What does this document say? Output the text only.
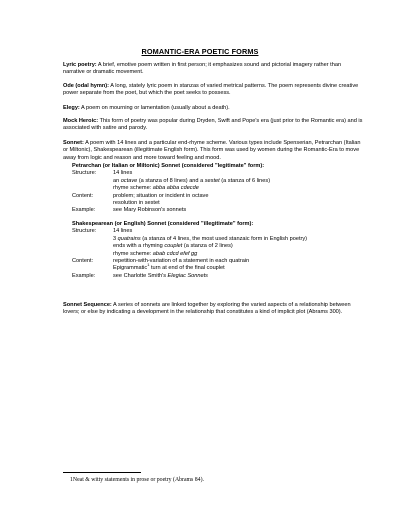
ROMANTIC-ERA POETIC FORMS
Lyric poetry: A brief, emotive poem written in first person; it emphasizes sound and pictorial imagery rather than narrative or dramatic movement.
Ode (odal hymn): A long, stately lyric poem in stanzas of varied metrical patterns. The poem represents divine creative power separate from the poet, but which the poet seeks to possess.
Elegy: A poem on mourning or lamentation (usually about a death).
Mock Heroic: This form of poetry was popular during Dryden, Swift and Pope's era (just prior to the Romantic era) and is associated with satire and parody.
Sonnet: A poem with 14 lines and a particular end-rhyme scheme. Various types include Spenserian, Petrarchan (Italian or Miltonic), Shakespearean (illegitimate English form). This form was used by women during the Romantic-Era to move away from logic and reason and more toward feeling and mood.
Petrarchan (or Italian or Miltonic) Sonnet (considered "legitimate" form):
Structure:	14 lines
an octave (a stanza of 8 lines) and a sestet (a stanza of 6 lines)
rhyme scheme: abba abba cdecde
Content:	problem; situation or incident in octave
resolution in sestet
Example:	see Mary Robinson's sonnets
Shakespearean (or English) Sonnet (considered "illegitimate" form):
Structure:	14 lines
3 quatrains (a stanza of 4 lines, the most used stanzaic form in English poetry)
ends with a rhyming couplet (a stanza of 2 lines)
rhyme scheme: abab cdcd efef gg
Content:	repetition-with-variation of a statement in each quatrain
Epigrammatic$^1$ turn at end of the final couplet
Example:	see Charlotte Smith's Elegiac Sonnets
Sonnet Sequence: A series of sonnets are linked together by exploring the varied aspects of a relationship between lovers; or else by indicating a development in the relationship that constitutes a kind of implicit plot (Abrams 300).
1Neat & witty statements in prose or poetry (Abrams 84).
